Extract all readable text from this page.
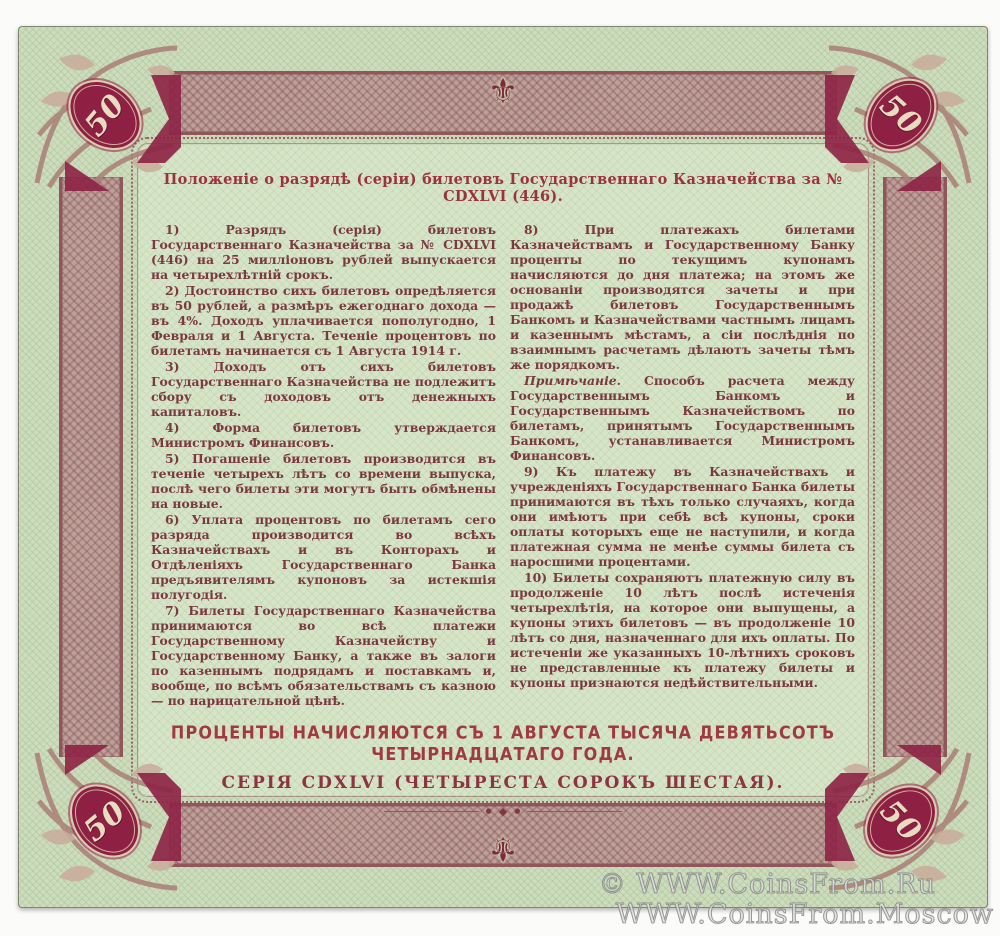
⚜
⚜
50	50
50	50
Положеніе о разрядѣ (серіи) билетовъ Государственнаго Казначейства за № CDXLVI (446).

1) Разрядъ (серія) билетовъ Государственнаго Казначейства за № CDXLVI (446) на 25 милліоновъ рублей выпускается на четырехлѣтній срокъ.

2) Достоинство сихъ билетовъ опредѣляется въ 50 рублей, а размѣръ ежегоднаго дохода — въ 4%. Доходъ уплачивается пополугодно, 1 Февраля и 1 Августа. Теченіе процентовъ по билетамъ начинается съ 1 Августа 1914 г.

3) Доходъ отъ сихъ билетовъ Государственнаго Казначейства не подлежитъ сбору съ доходовъ отъ денежныхъ капиталовъ.

4) Форма билетовъ утверждается Министромъ Финансовъ.

5) Погашеніе билетовъ производится въ теченіе четырехъ лѣтъ со времени выпуска, послѣ чего билеты эти могутъ быть обмѣнены на новые.

6) Уплата процентовъ по билетамъ сего разряда производится во всѣхъ Казначействахъ и въ Конторахъ и Отдѣленіяхъ Государственнаго Банка предъявителямъ купоновъ за истекшія полугодія.

7) Билеты Государственнаго Казначейства принимаются во всѣ платежи Государственному Казначейству и Государственному Банку, а также въ залоги по казеннымъ подрядамъ и поставкамъ и, вообще, по всѣмъ обязательствамъ съ казною — по нарицательной цѣнѣ.

8) При платежахъ билетами Казначействамъ и Государственному Банку проценты по текущимъ купонамъ начисляются до дня платежа; на этомъ же основаніи производятся зачеты и при продажѣ билетовъ Государственнымъ Банкомъ и Казначействами частнымъ лицамъ и казеннымъ мѣстамъ, а сіи послѣднія по взаимнымъ расчетамъ дѣлаютъ зачеты тѣмъ же порядкомъ.

Примѣчаніе. Способъ расчета между Государственнымъ Банкомъ и Государственнымъ Казначействомъ по билетамъ, принятымъ Государственнымъ Банкомъ, устанавливается Министромъ Финансовъ.

9) Къ платежу въ Казначействахъ и учрежденіяхъ Государственнаго Банка билеты принимаются въ тѣхъ только случаяхъ, когда они имѣютъ при себѣ всѣ купоны, сроки оплаты которыхъ еще не наступили, и когда платежная сумма не менѣе суммы билета съ наросшими процентами.

10) Билеты сохраняютъ платежную силу въ продолженіе 10 лѣтъ послѣ истеченія четырехлѣтія, на которое они выпущены, а купоны этихъ билетовъ — въ продолженіе 10 лѣтъ со дня, назначеннаго для ихъ оплаты. По истеченіи же указанныхъ 10-лѣтнихъ сроковъ не представленные къ платежу билеты и купоны признаются недѣйствительными.

ПРОЦЕНТЫ НАЧИСЛЯЮТСЯ СЪ 1 АВГУСТА ТЫСЯЧА ДЕВЯТЬСОТЪ ЧЕТЫРНАДЦАТАГО ГОДА.
СЕРІЯ CDXLVI (ЧЕТЫРЕСТА СОРОКЪ ШЕСТАЯ).
● ◆ ●
© WWW.CoinsFrom.Ru
WWW.CoinsFrom.Moscow
